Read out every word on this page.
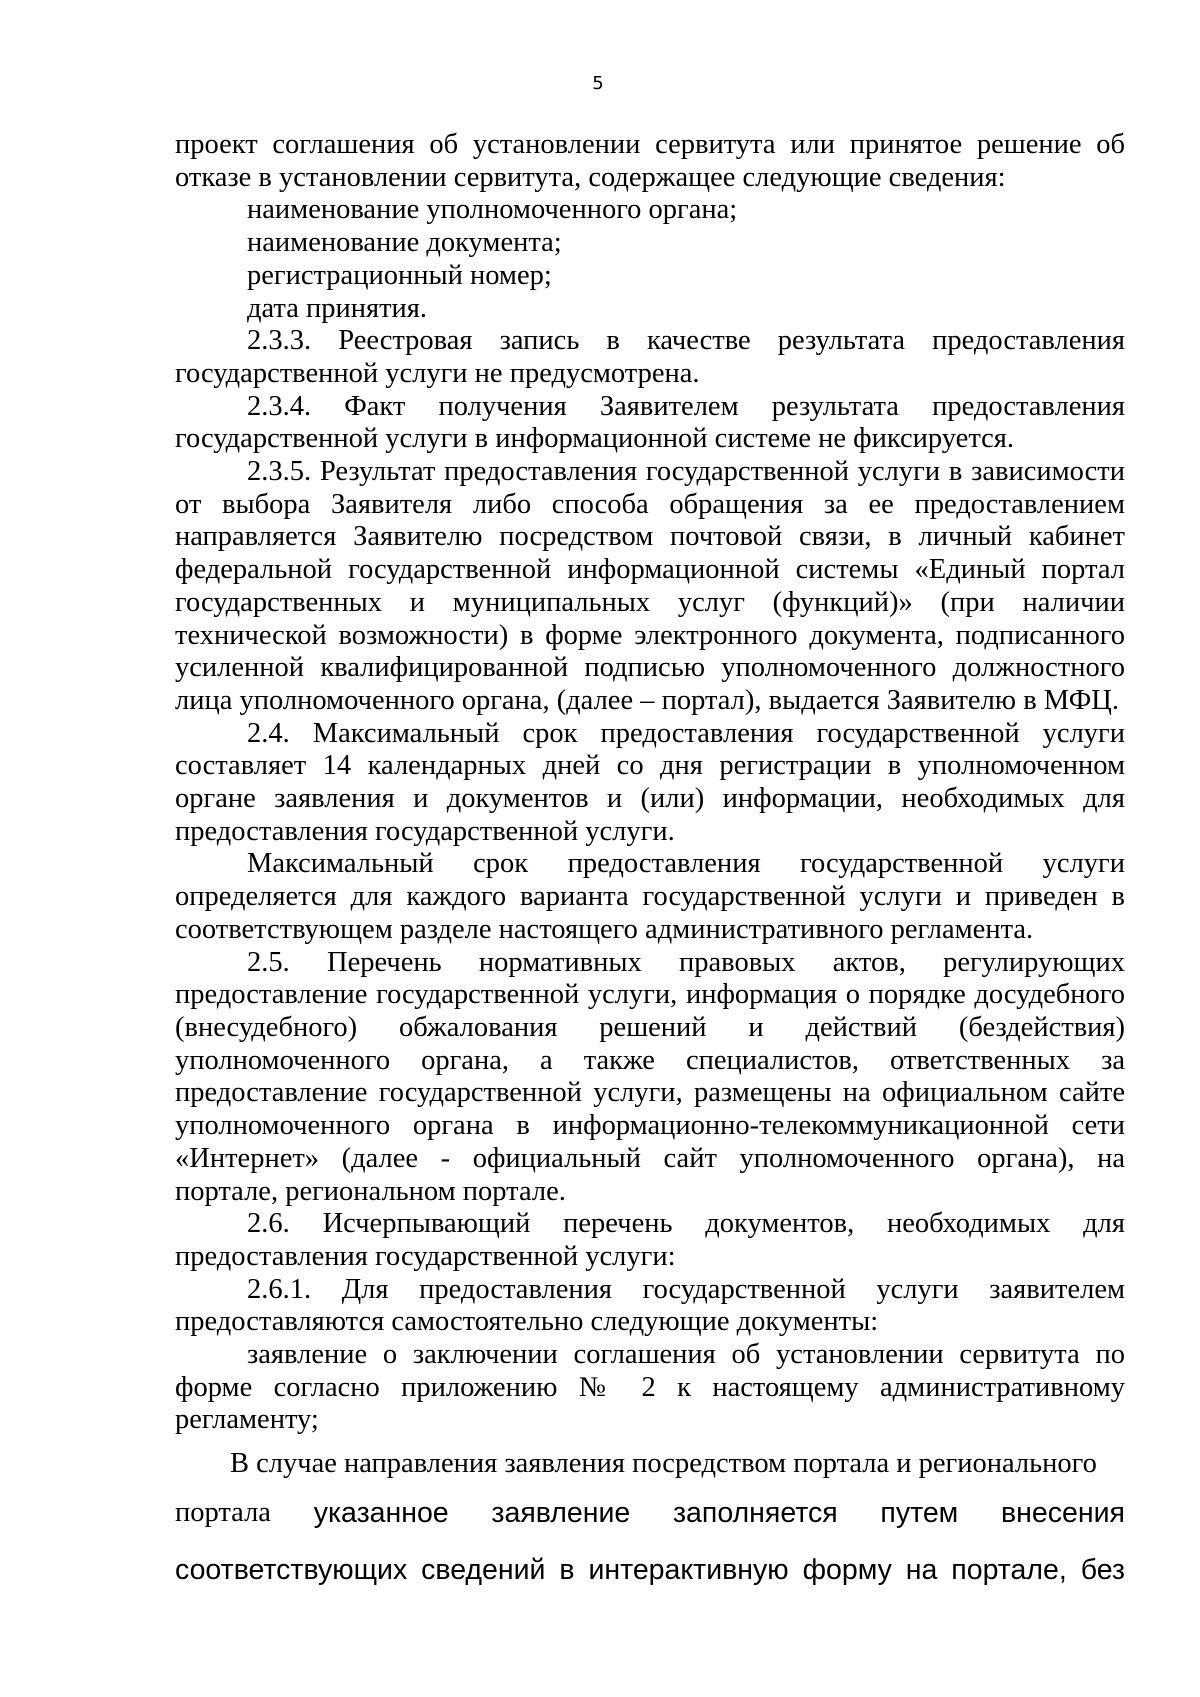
5

проект соглашения об установлении сервитута или принятое решение об отказе в установлении сервитута, содержащее следующие сведения:

наименование уполномоченного органа;

наименование документа;

регистрационный номер;

дата принятия.

2.3.3. Реестровая запись в качестве результата предоставления государственной услуги не предусмотрена.

2.3.4. Факт получения Заявителем результата предоставления государственной услуги в информационной системе не фиксируется.

2.3.5. Результат предоставления государственной услуги в зависимости от выбора Заявителя либо способа обращения за ее предоставлением направляется Заявителю посредством почтовой связи, в личный кабинет федеральной государственной информационной системы «Единый портал государственных и муниципальных услуг (функций)» (при наличии технической возможности) в форме электронного документа, подписанного усиленной квалифицированной подписью уполномоченного должностного лица уполномоченного органа, (далее – портал), выдается Заявителю в МФЦ.

2.4. Максимальный срок предоставления государственной услуги составляет 14 календарных дней со дня регистрации в уполномоченном органе заявления и документов и (или) информации, необходимых для предоставления государственной услуги.

Максимальный срок предоставления государственной услуги определяется для каждого варианта государственной услуги и приведен в соответствующем разделе настоящего административного регламента.

2.5. Перечень нормативных правовых актов, регулирующих предоставление государственной услуги, информация о порядке досудебного (внесудебного) обжалования решений и действий (бездействия) уполномоченного органа, а также специалистов, ответственных за предоставление государственной услуги, размещены на официальном сайте уполномоченного органа в информационно-телекоммуникационной сети «Интернет» (далее - официальный сайт уполномоченного органа), на портале, региональном портале.

2.6. Исчерпывающий перечень документов, необходимых для предоставления государственной услуги:

2.6.1. Для предоставления государственной услуги заявителем предоставляются самостоятельно следующие документы:

заявление о заключении соглашения об установлении сервитута по форме согласно приложению № 2 к настоящему административному регламенту;

В случае направления заявления посредством портала и регионального

портала указанное заявление заполняется путем внесения
соответствующих сведений в интерактивную форму на портале, без
